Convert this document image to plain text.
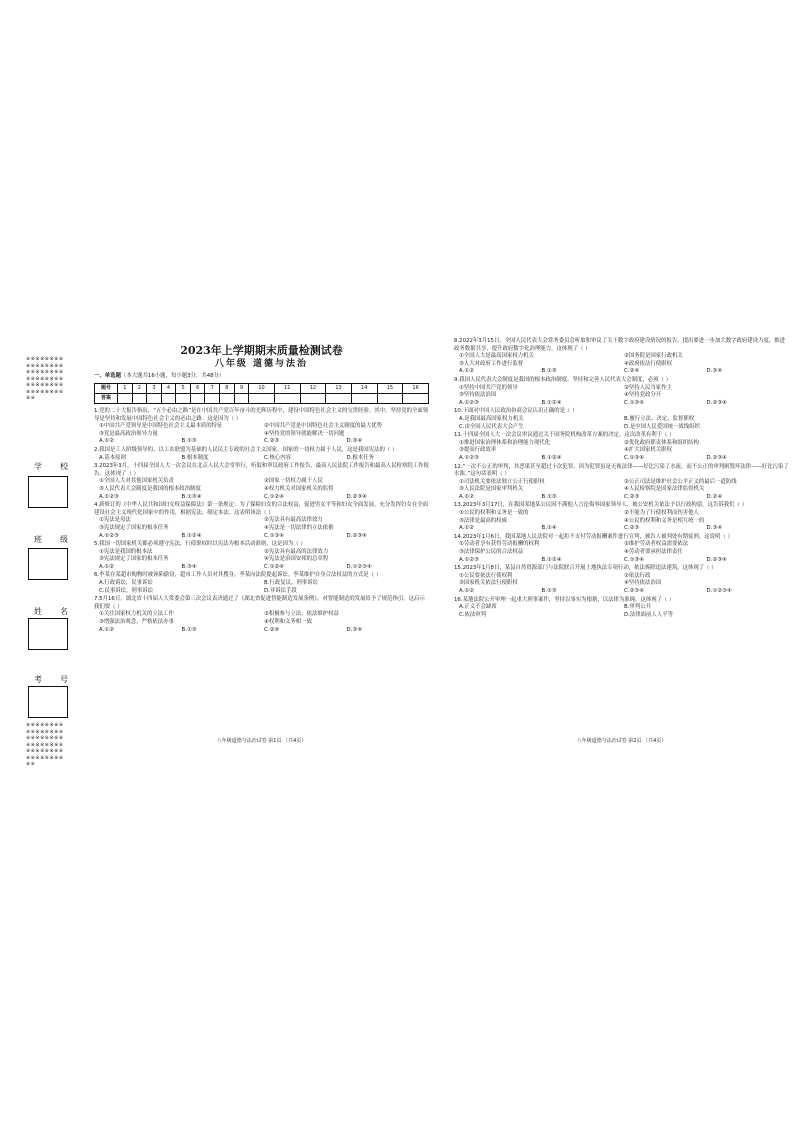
※※※※※※※※※※※※※※※※※※※※※※※※※※※※※※※※※※※※※※※※※※※※※※※※※※
学校
班级
姓名
考号
※※※※※※※※※※※※※※※※※※※※※※※※※※※※※※※※※※※※※※※※※※※※※※※※※※
2023年上学期期末质量检测试卷
八年级 道德与法治
一、单选题（本大题共16小题，每小题3分，共48分）
题号	1	2	3	4	5	6	7	8	9	10	11	12	13	14	15	16
答案																
1.党的二十大报告指出，“五个必由之路”是在中国共产党百年奋斗的光辉历程中，建设中国特色社会主义的宝贵经验。其中，坚持党的全面领导是坚持和发展中国特色社会主义的必由之路。这是因为（ ）
①中国共产党领导是中国特色社会主义最本质的特征	②中国共产党是中国特色社会主义制度的最大优势
③党是最高政治领导力量	④坚持党的领导就能解决一切问题
A.①②	B.①③	C.②③	D.③④
2.我国是工人阶级领导的、以工农联盟为基础的人民民主专政的社会主义国家。国家的一切权力属于人民，这是我国宪法的（ ）
A.基本原则	B.根本制度	C.核心内容	D.根本任务
3.2023年3月，十四届全国人大一次会议在北京人民大会堂举行，听取和审议政府工作报告、最高人民法院工作报告和最高人民检察院工作报告。这体现了（ ）
①全国人大对其他国家机关负责	②国家一切权力属于人民
③人民代表大会制度是我国的根本政治制度	④权力机关对国家机关的监督
A.①②③	B.①③④	C.①②④	D.②③④
4.新修订的《中华人民共和国妇女权益保障法》第一条规定：为了保障妇女的合法权益，促进男女平等和妇女全面发展，充分发挥妇女在全面建设社会主义现代化国家中的作用，根据宪法，制定本法。这表明该法（ ）
①宪法是母法	②宪法具有最高法律效力
③宪法规定了国家的根本任务	④宪法是一切法律的立法依据
A.①②③	B.①②④	C.①③④	D.②③④
5.我国一切国家机关都必须遵守宪法，行使职权时以宪法为根本活动准则。这是因为（ ）
①宪法是我国的根本法	②宪法具有最高的法律效力
③宪法规定了国家的根本任务	④宪法是治国安邦的总章程
A.①②	B.③④	C.①②④	D.①②③④
6.李某在某超市购物时被诬陷偷窃，超市工作人员对其搜身，李某向法院提起诉讼。李某维护自身合法权益的方式是（ ）
A.行政诉讼，民事诉讼	B.行政复议，刑事诉讼
C.民事诉讼，刑事诉讼	D.非诉讼手段
7.5月16日，湖北省十四届人大常委会第三次会议表决通过了《湖北省促进智能制造发展条例》，对智能制造的发展给予了规范指引。这启示我们要（ ）
①关注国家权力机关的立法工作	②积极参与立法，依法维护权益
③增强法治观念，严格依法办事	④权利和义务相一致
A.①②	B.①③	C.②④	D.③④
八年级道德与法治试卷 第1页 （共4页）
8.2022年3月15日，全国人民代表大会常务委员会听取和审议了关于数字政府建设情况的报告，提出要进一步加大数字政府建设力度，推进政务数据共享，提升政府数字化治理能力。这体现了（ ）
①全国人大是最高国家权力机关	②国务院是国家行政机关
③人大对政府工作进行监督	④政府依法行使职权
A.①②	B.①③	C.②④	D.③④
9.我国人民代表大会制度是我国的根本政治制度。坚持和完善人民代表大会制度，必须（ ）
①坚持中国共产党的领导	②坚持人民当家作主
③坚持依法治国	④坚持党政分开
A.①②③	B.①②④	C.①③④	D.②③④
10.下面对中国人民政治协商会议认识正确的是（ ）
A.是我国最高国家权力机关	B.履行立法、决定、监督职权
C.由全国人民代表大会产生	D.是中国人民爱国统一战线组织
11.十四届全国人大一次会议审议通过关于国务院机构改革方案的决定。这次改革有利于（ ）
①推进国家治理体系和治理能力现代化	②优化政府职责体系和组织结构
③提高行政效率	④扩大国家机关职权
A.①②③	B.①②④	C.①③④	D.②③④
12.“一次不公正的审判，其恶果甚至超过十次犯罪。因为犯罪虽是无视法律——好比污染了水流，而不公正的审判则毁坏法律——好比污染了水源。”这句话表明（ ）
①司法机关要依法独立公正行使职权	②公正司法是维护社会公平正义的最后一道防线
③人民法院是国家审判机关	④人民检察院是国家法律监督机关
A.①②	B.①③	C.②③	D.②④
13.2023年3月17日，在我国某地某公民因不满他人言论侮辱国家领导人，被公安机关依法予以行政拘留。这告诉我们（ ）
①公民的权利和义务是一致的	②不能为了行使权利而伤害他人
③法律是最高的权威	④公民的权利和义务是相互统一的
A.①②	B.①④	C.②③	D.③④
14.2023年1月6日，我国某地人民法院对一起拒不支付劳动报酬案件进行宣判，被告人被判处有期徒刑。这说明（ ）
①劳动者享有获得劳动报酬的权利	②维护劳动者权益需要依法
③法律保护公民的合法权益	④劳动者要承担法律责任
A.①②③	B.①②④	C.①③④	D.②③④
15.2023年1月8日，某县自然资源部门与法院联合开展土地执法专项行动，依法拆除违法建筑。这体现了（ ）
①公民要依法行使权利	②依法行政
③国家机关依法行使职权	④坚持依法治国
A.①②	B.①③	C.②③④	D.①②③④
16.某地法院公开审理一起重大刑事案件，坚持以事实为根据，以法律为准绳。这体现了（ ）
A.正义不会缺席	B.审判公开
C.依法审判	D.法律面前人人平等
八年级道德与法治试卷 第2页 （共4页）
